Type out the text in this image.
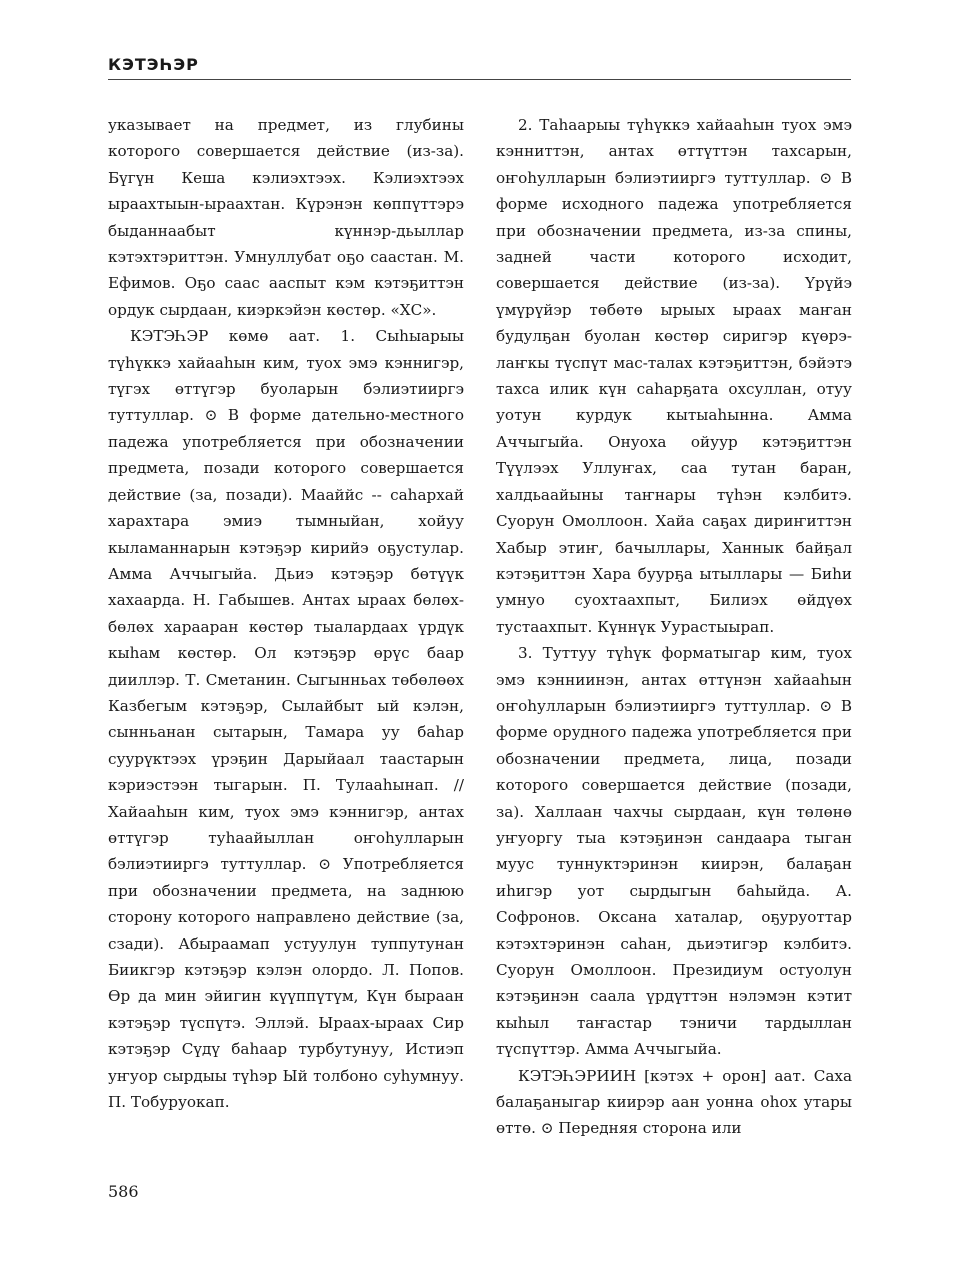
КЭТЭҺЭР

указывает на предмет, из глубины которого совершается действие (из-за). Бүгүн Кеша кэлиэхтээх. Кэлиэхтээх ыраахтыын-ыраахтан. Күрэнэн көппүттэрэ быданнаабыт күннэр-дьыллар кэтэхтэриттэн. Умнуллубат оҕо саастан. М. Ефимов. Оҕо саас аaспыт кэм кэтэҕиттэн ордук сырдаан, киэркэйэн көстөр. «ХС».

КЭТЭҺЭР көмө аат. 1. Сыһыарыы түһүккэ хайааһын ким, туох эмэ кэннигэр, түгэх өттүгэр буоларын бэлиэтииргэ туттуллар. ⊙ В форме дательно-местного падежа употребляется при обозначении предмета, позади которого совершается действие (за, позади). Мааййс -- саһархай харахтара эмиэ тымныйан, хойуу кыламаннарын кэтэҕэр кирийэ оҕустулар. Амма Аччыгыйа. Дьиэ кэтэҕэр бөтүүк хахаарда. Н. Габышев. Антах ыраах бөлөх-бөлөх харааран көстөр тыалардаах үрдүк кыһам көстөр. Ол кэтэҕэр өрүс баар дииллэр. Т. Сметанин. Сыгынньах төбөлөөх Казбегым кэтэҕэр, Сылайбыт ый кэлэн, сынньанан сытарын, Тамара уу баһар суурүктээх үрэҕин Дарыйаал таастарын кэриэстээн тыгарын. П. Тулааһынап. // Хайааһын ким, туох эмэ кэннигэр, антах өттүгэр туһаайыллан оҥоһулларын бэлиэтииргэ туттуллар. ⊙ Употребляется при обозначении предмета, на заднюю сторону которого направлено действие (за, сзади). Абыраамап устуулун туппутунан Биикгэр кэтэҕэр кэлэн олордо. Л. Попов. Өр да мин эйигин күүппүтүм, Күн быраан кэтэҕэр түспүтэ. Эллэй. Ыраах-ыраах Сир кэтэҕэр Сүдү баһаар турбутунуу, Истиэп уҥуор сырдыы түһэр Ый толбоно суһумнуу. П. Тобуруокап.

2. Таһаарыы түһүккэ хайааһын туох эмэ кэнниттэн, антах өттүттэн тахсарын, оҥоһулларын бэлиэтииргэ туттуллар. ⊙ В форме исходного падежа употребляется при обозначении предмета, из-за спины, задней части которого исходит, совершается действие (из-за). Үрүйэ үмүрүйэр төбөтө ырыых ыраах маҥан будулҕан буолан көстөр сиригэр күөрэ-лаҥкы түспүт мас-талах кэтэҕиттэн, бэйэтэ тахса илик күн саһарҕата охсуллан, отуу уотун курдук кытыаһынна. Амма Аччыгыйа. Онуоха ойуур кэтэҕиттэн Түүлээх Уллуҥах, саа тутан баран, халдьаайыны таҥнары түһэн кэлбитэ. Суорун Омоллоон. Хайа саҕах дириҥиттэн Хабыр этиҥ, бачыллары, Ханнык байҕал кэтэҕиттэн Хара буурҕа ытыллары — Биһи умнуо суохтаахпыт, Билиэх өйдүөх тустаахпыт. Күннүк Уурастыырап.

3. Туттуу түһүк форматыгар ким, туох эмэ кэнниинэн, антах өттүнэн хайааһын оҥоһулларын бэлиэтииргэ туттуллар. ⊙ В форме орудного падежа употребляется при обозначении предмета, лица, позади которого совершается действие (позади, за). Халлаан чахчы сырдаан, күн төлөнө уҥуоргу тыа кэтэҕинэн сандаара тыган муус туннуктэринэн киирэн, балаҕан иһигэр уот сырдыгын баһыйда. А. Софронов. Оксана хаталар, оҕуруоттар кэтэхтэринэн саһан, дьиэтигэр кэлбитэ. Суорун Омоллоон. Президиум остуолун кэтэҕинэн саала үрдүттэн нэлэмэн кэтит кыһыл таҥастар тэничи тардыллан түспүттэр. Амма Аччыгыйа.

КЭТЭҺЭРИИН [кэтэх + орон] аат. Саха балаҕаныгар киирэр аан уонна оһох утары өттө. ⊙ Передняя сторона или

586
